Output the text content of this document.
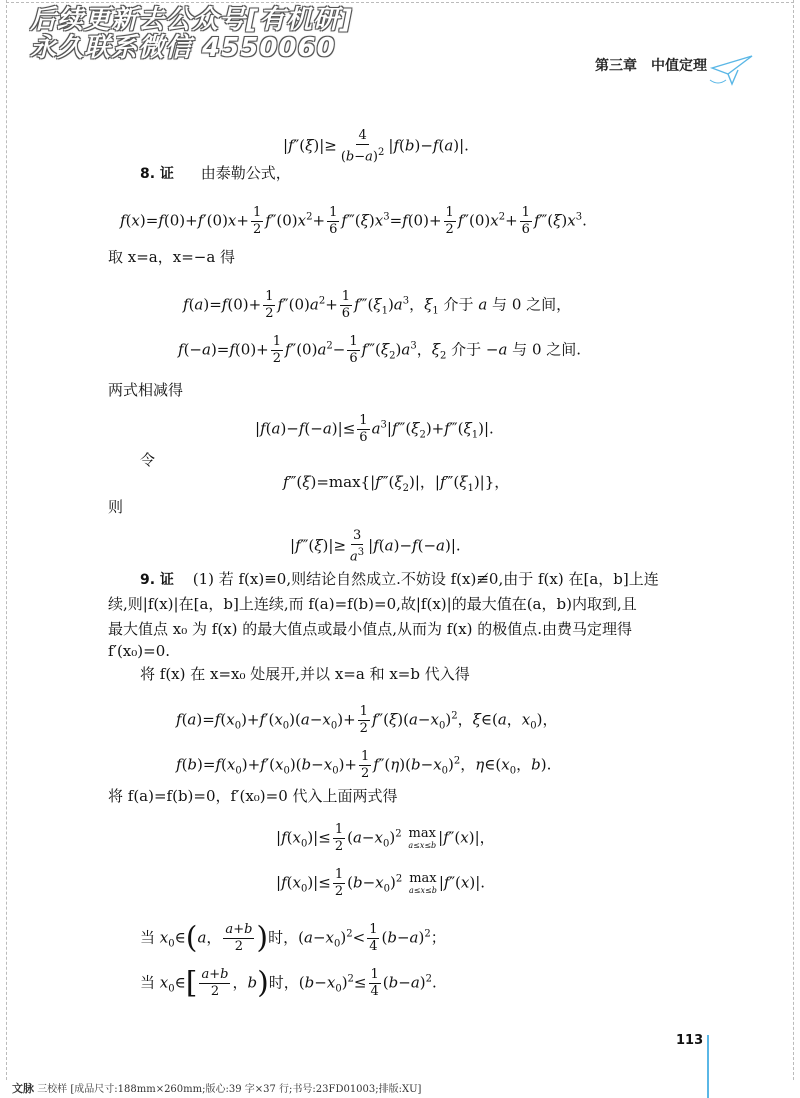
后续更新去公众号[有机研]
永久联系微信 4550060
第三章　中值定理
$|f''(\xi)|\ge \frac{4}{(b-a)^2} |f(b)-f(a)|$.
8. 证 由泰勒公式，
$f(x)=f(0)+f'(0)x+ \frac{1}{2} f''(0)x^2+ \frac{1}{6}$ $f‴(\xi)x^3=f(0)+ \frac{1}{2} f''(0)x^2+ \frac{1}{6}$ $f‴(\xi)x^3$.
取 x=a，x=−a 得
$f(a)=f(0)+ \frac{1}{2} f''(0)a^2+ \frac{1}{6}$ $f‴(\xi_1)a^3$，$\xi_1$ 介于 a 与 0 之间，
$f(-a)=f(0)+ \frac{1}{2} f''(0)a^2- \frac{1}{6}$ $f‴(\xi_2)a^3$，$\xi_2$ 介于 −a 与 0 之间.
两式相减得
$|f(a)-f(-a)|\le \frac{1}{6}$ $a^3|f‴(\xi_2)+f‴(\xi_1)|$.
令
$f‴(\xi)=\max\{|f‴(\xi_2)|$，$|f‴(\xi_1)|$}，
则
|f‴(ξ)|≥ $\frac{3}{a^3} |f(a)-f(-a)|$.
9. 证 (1) 若 f(x)≡0,则结论自然成立.不妨设 f(x)≢0,由于 f(x) 在[a，b]上连
续,则|f(x)|在[a，b]上连续,而 f(a)=f(b)=0,故|f(x)|的最大值在(a，b)内取到,且
最大值点 x₀ 为 f(x) 的最大值点或最小值点,从而为 f(x) 的极值点.由费马定理得
f′(x₀)=0.
将 f(x) 在 x=x₀ 处展开,并以 x=a 和 x=b 代入得
$f(a)=f(x_0)+f'(x_0)(a-x_0)+ \frac{1}{2} f''(\xi)(a-x_0)^2$，ξ∈(a，$x_0$)，
$f(b)=f(x_0)+f'(x_0)(b-x_0)+ \frac{1}{2} f''(\eta)(b-x_0)^2$，$\eta\in(x_0$，b).
将 f(a)=f(b)=0，f′(x₀)=0 代入上面两式得
$|f(x_0)|\le \frac{1}{2} (a-x_0)^2$ max
a≤x≤b |f″(x)|，
$|f(x_0)|\le \frac{1}{2} (b-x_0)^2$ max
a≤x≤b |f″(x)|.
当 $x_0\in(a$， $\frac{a+b}{2}$ )时，$(a-x_0)^2< \frac{1}{4} (b-a)^2$；
当 $x_0\in[ \frac{a+b}{2}$ ，b)时，$(b-x_0)^2\le \frac{1}{4} (b-a)^2$.
113
文脉 三校样 [成品尺寸:188mm×260mm;版心:39 字×37 行;书号:23FD01003;排版:XU]
